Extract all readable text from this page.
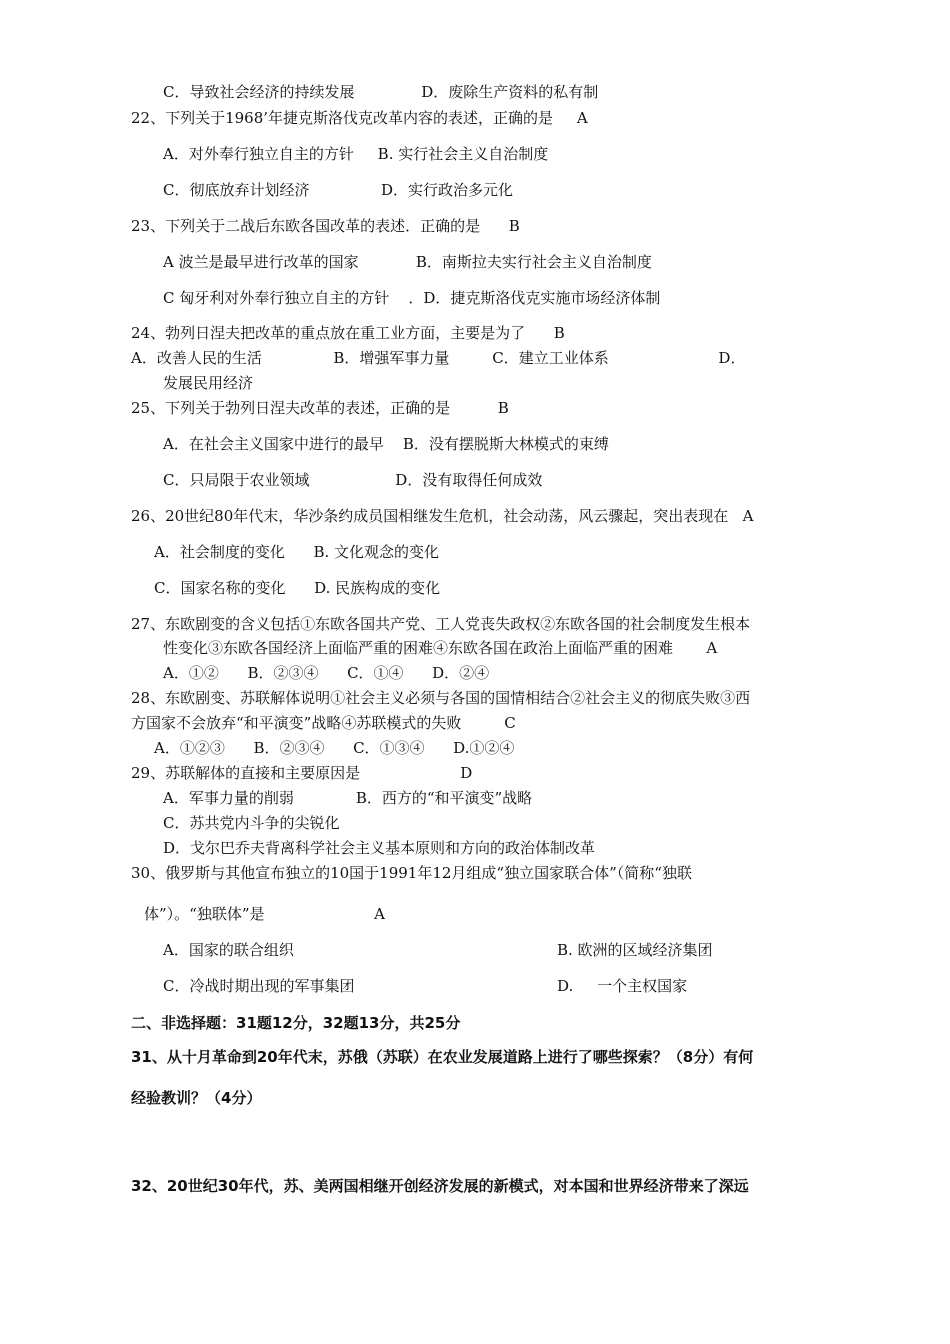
C．导致社会经济的持续发展              D．废除生产资料的私有制
22、下列关于1968’年捷克斯洛伐克改革内容的表述，正确的是     A
A．对外奉行独立自主的方针     B. 实行社会主义自治制度
C．彻底放弃计划经济               D．实行政治多元化
23、下列关于二战后东欧各国改革的表述．正确的是      B
A 波兰是最早进行改革的国家            B．南斯拉夫实行社会主义自治制度
C 匈牙利对外奉行独立自主的方针    ．D．捷克斯洛伐克实施市场经济体制
24、勃列日涅夫把改革的重点放在重工业方面，主要是为了      B
A．改善人民的生活               B．增强军事力量         C．建立工业体系                       D．
发展民用经济
25、下列关于勃列日涅夫改革的表述，正确的是          B
A．在社会主义国家中进行的最早    B．没有摆脱斯大林模式的束缚
C．只局限于农业领域                  D．没有取得任何成效
26、20世纪80年代末，华沙条约成员国相继发生危机，社会动荡，风云骤起，突出表现在   A
A．社会制度的变化      B. 文化观念的变化
C．国家名称的变化      D. 民族构成的变化
27、东欧剧变的含义包括①东欧各国共产党、工人党丧失政权②东欧各国的社会制度发生根本
性变化③东欧各国经济上面临严重的困难④东欧各国在政治上面临严重的困难       A
A．①②      B．②③④      C．①④      D．②④
28、东欧剧变、苏联解体说明①社会主义必须与各国的国情相结合②社会主义的彻底失败③西
方国家不会放弃“和平演变”战略④苏联模式的失败         C
A．①②③      B．②③④      C．①③④      D.①②④
29、苏联解体的直接和主要原因是                     D
A．军事力量的削弱             B．西方的“和平演变”战略
C．苏共党内斗争的尖锐化
D．戈尔巴乔夫背离科学社会主义基本原则和方向的政治体制改革
30、俄罗斯与其他宣布独立的10国于1991年12月组成“独立国家联合体”（简称“独联
体”）。“独联体”是                       A
A．国家的联合组织	B. 欧洲的区域经济集团
C．冷战时期出现的军事集团	D.     一个主权国家
二、非选择题：31题12分，32题13分，共25分
31、从十月革命到20年代末，苏俄（苏联）在农业发展道路上进行了哪些探索？（8分）有何
经验教训？（4分）
32、20世纪30年代，苏、美两国相继开创经济发展的新模式，对本国和世界经济带来了深远
